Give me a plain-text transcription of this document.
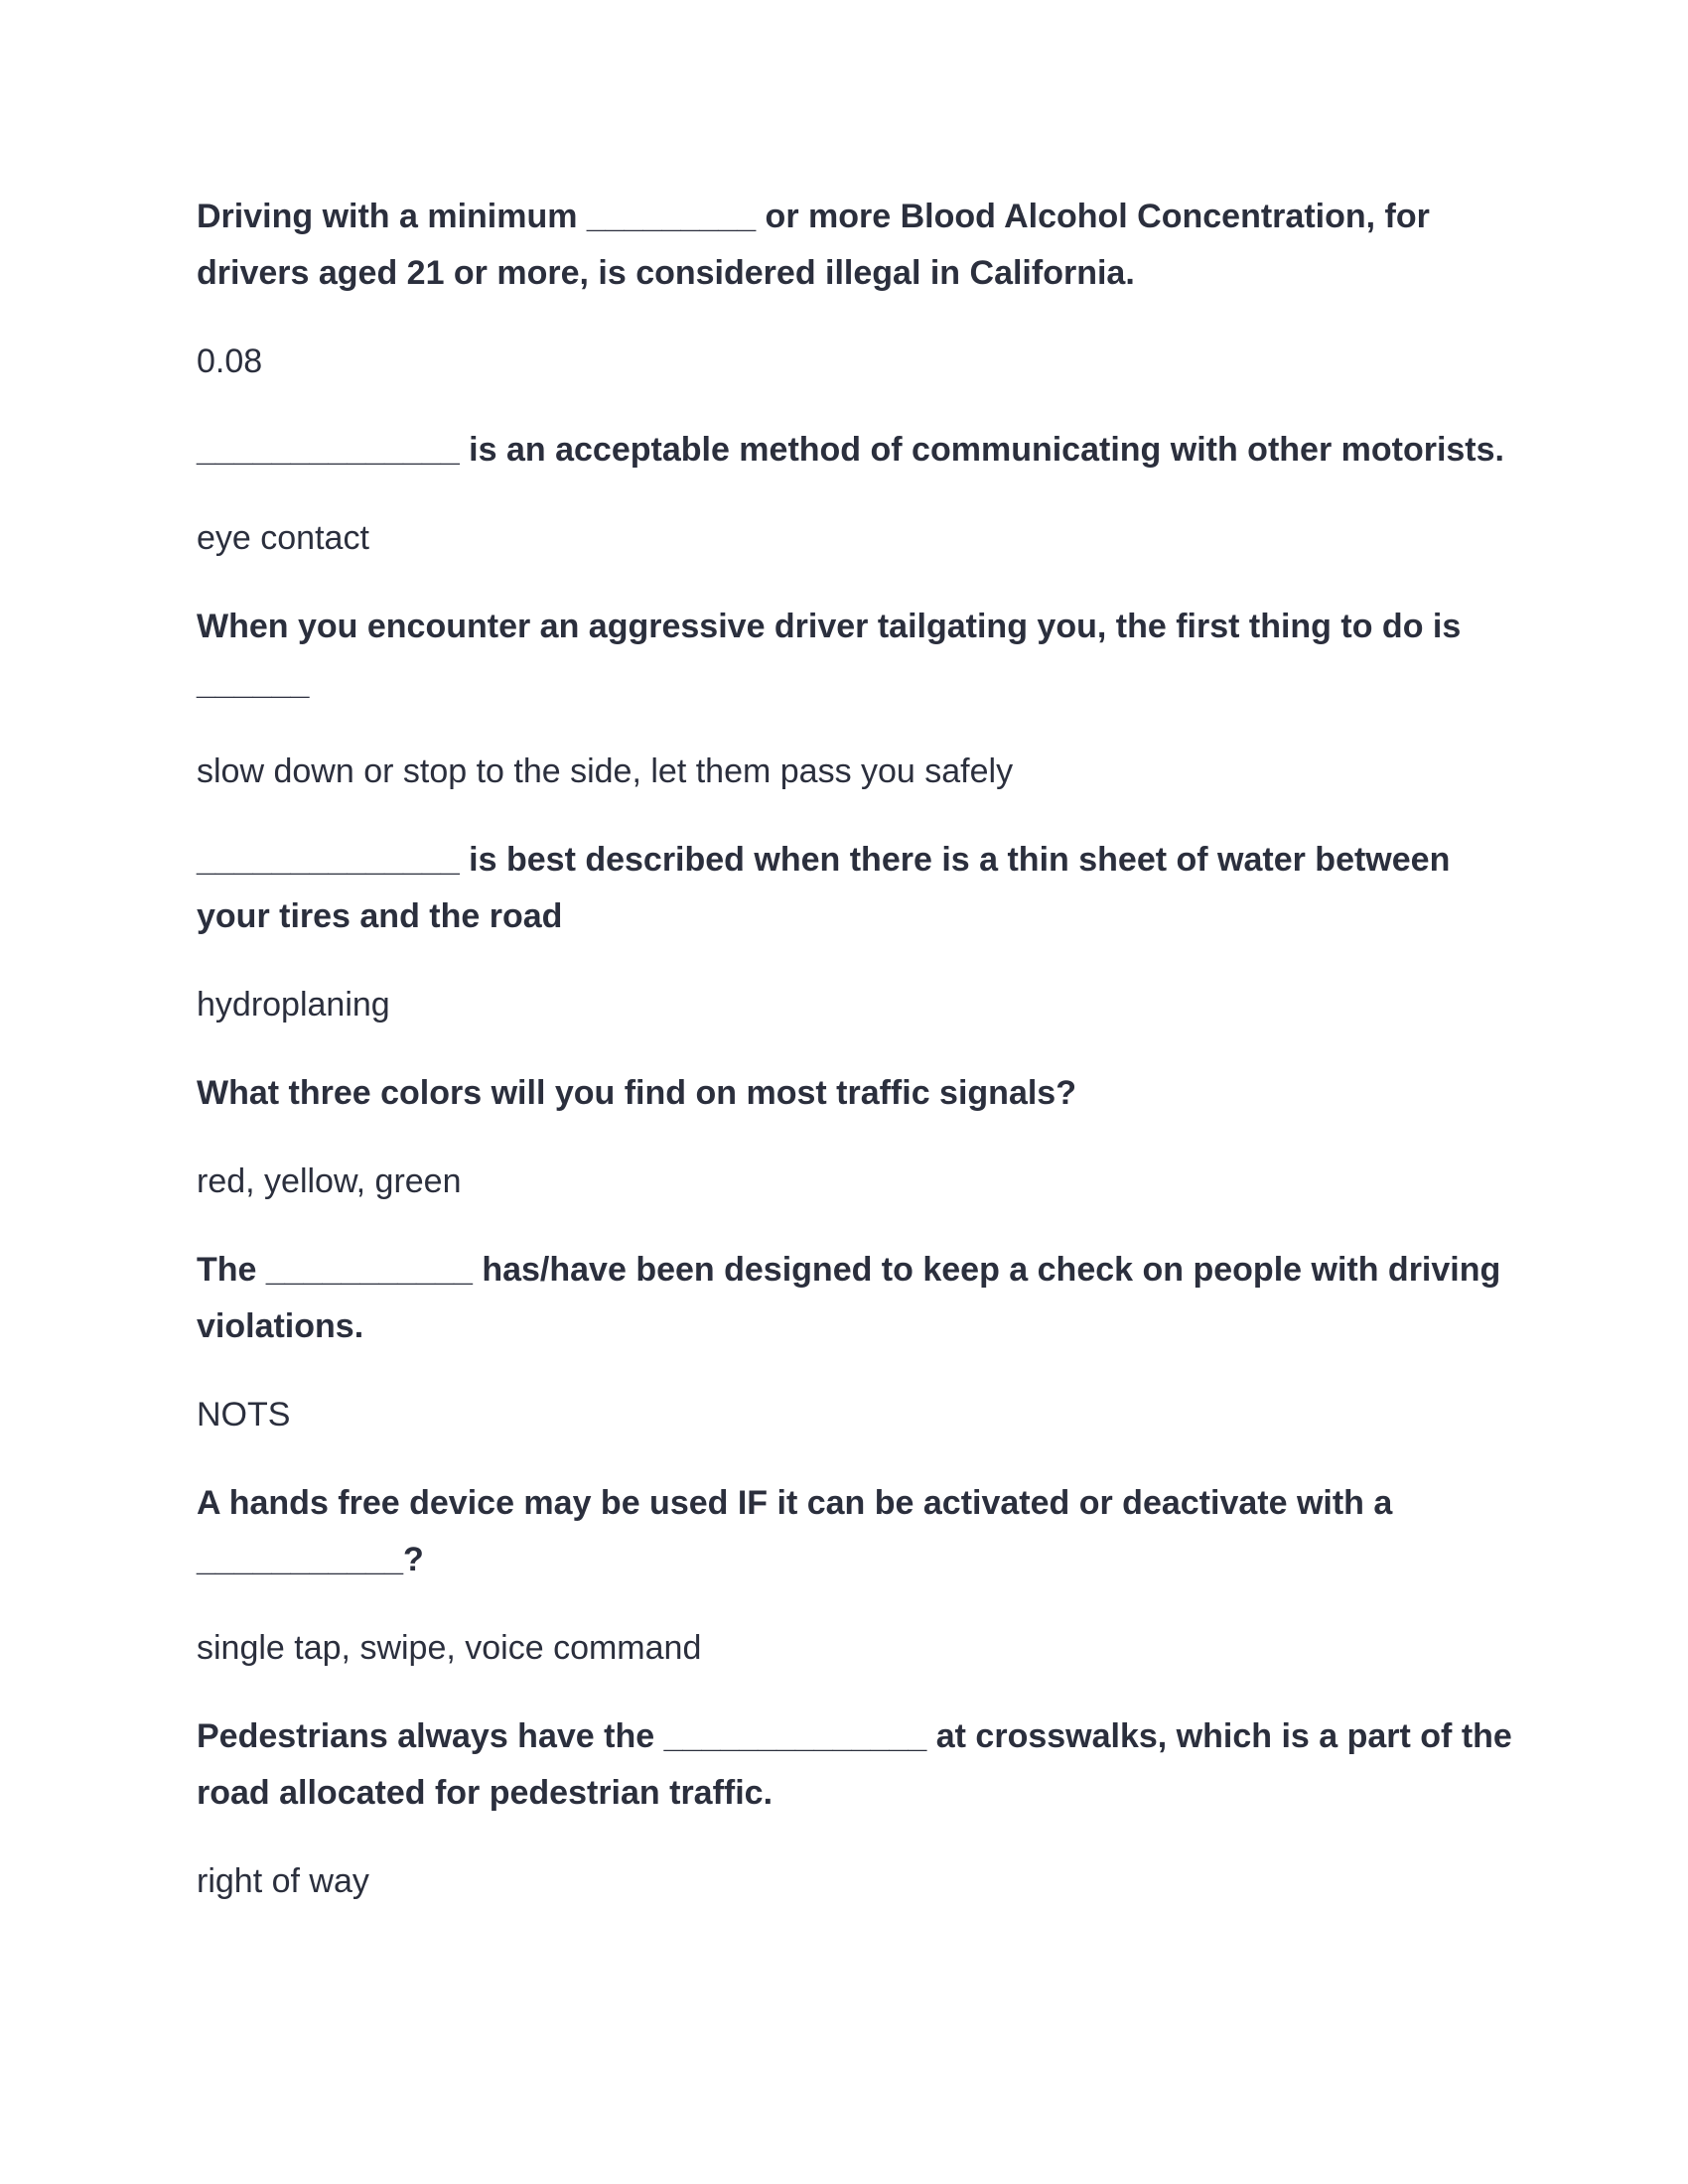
Driving with a minimum _________ or more Blood Alcohol Concentration, for drivers aged 21 or more, is considered illegal in California.

0.08

______________ is an acceptable method of communicating with other motorists.

eye contact

When you encounter an aggressive driver tailgating you, the first thing to do is ______

slow down or stop to the side, let them pass you safely

______________ is best described when there is a thin sheet of water between your tires and the road

hydroplaning

What three colors will you find on most traffic signals?

red, yellow, green

The ___________ has/have been designed to keep a check on people with driving violations.

NOTS

A hands free device may be used IF it can be activated or deactivate with a ___________?

single tap, swipe, voice command

Pedestrians always have the ______________ at crosswalks, which is a part of the road allocated for pedestrian traffic.

right of way
